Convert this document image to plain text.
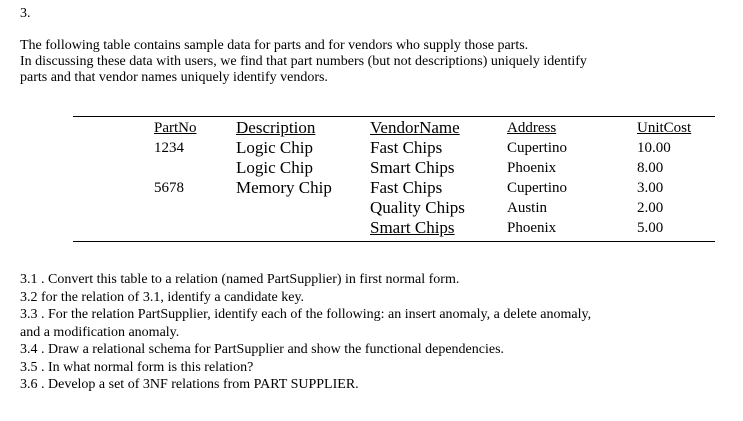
3.
The following table contains sample data for parts and for vendors who supply those parts.
In discussing these data with users, we find that part numbers (but not descriptions) uniquely identify
parts and that vendor names uniquely identify vendors.
PartNo
1234
5678
Description
Logic Chip
Logic Chip
Memory Chip
VendorName
Fast Chips
Smart Chips
Fast Chips
Quality Chips
Smart Chips
Address
Cupertino
Phoenix
Cupertino
Austin
Phoenix
UnitCost
10.00
8.00
3.00
2.00
5.00
3.1 . Convert this table to a relation (named PartSupplier) in first normal form.
3.2 for the relation of 3.1, identify a candidate key.
3.3 . For the relation PartSupplier, identify each of the following: an insert anomaly, a delete anomaly,
and a modification anomaly.
3.4 . Draw a relational schema for PartSupplier and show the functional dependencies.
3.5 . In what normal form is this relation?
3.6 . Develop a set of 3NF relations from PART SUPPLIER.
